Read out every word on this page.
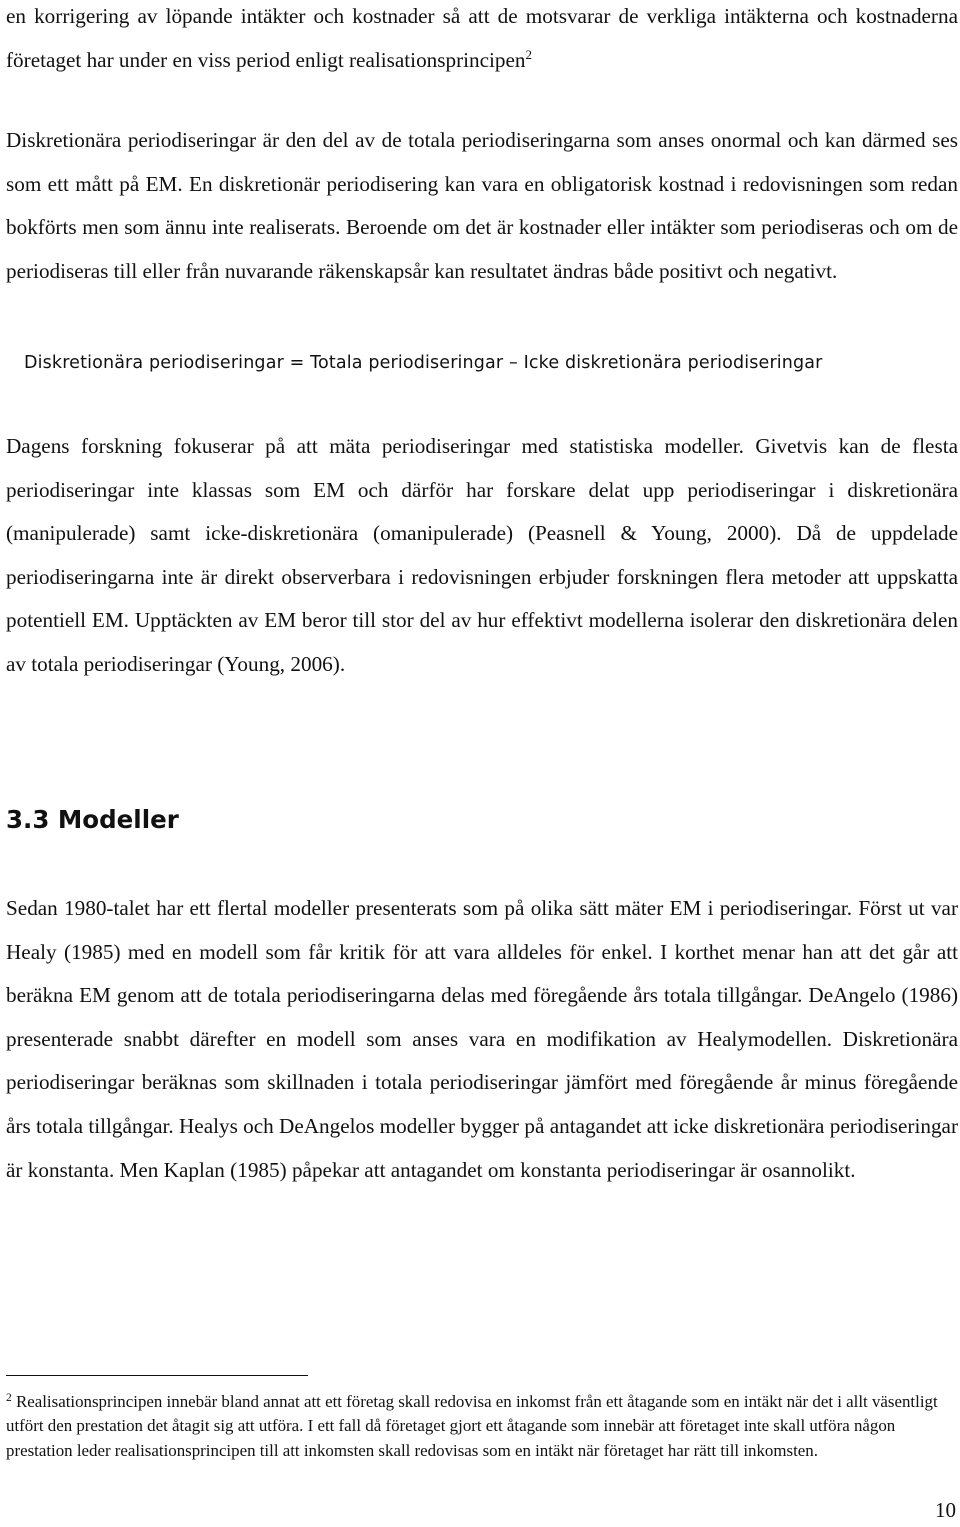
en korrigering av löpande intäkter och kostnader så att de motsvarar de verkliga intäkterna och kostnaderna företaget har under en viss period enligt realisationsprincipen$^2$

Diskretionära periodiseringar är den del av de totala periodiseringarna som anses onormal och kan därmed ses som ett mått på EM. En diskretionär periodisering kan vara en obligatorisk kostnad i redovisningen som redan bokförts men som ännu inte realiserats. Beroende om det är kostnader eller intäkter som periodiseras och om de periodiseras till eller från nuvarande räkenskapsår kan resultatet ändras både positivt och negativt.

Diskretionära periodiseringar = Totala periodiseringar – Icke diskretionära periodiseringar

Dagens forskning fokuserar på att mäta periodiseringar med statistiska modeller. Givetvis kan de flesta periodiseringar inte klassas som EM och därför har forskare delat upp periodiseringar i diskretionära (manipulerade) samt icke-diskretionära (omanipulerade) (Peasnell & Young, 2000). Då de uppdelade periodiseringarna inte är direkt observerbara i redovisningen erbjuder forskningen flera metoder att uppskatta potentiell EM. Upptäckten av EM beror till stor del av hur effektivt modellerna isolerar den diskretionära delen av totala periodiseringar (Young, 2006).

3.3 Modeller

Sedan 1980-talet har ett flertal modeller presenterats som på olika sätt mäter EM i periodiseringar. Först ut var Healy (1985) med en modell som får kritik för att vara alldeles för enkel. I korthet menar han att det går att beräkna EM genom att de totala periodiseringarna delas med föregående års totala tillgångar. DeAngelo (1986) presenterade snabbt därefter en modell som anses vara en modifikation av Healymodellen. Diskretionära periodiseringar beräknas som skillnaden i totala periodiseringar jämfört med föregående år minus föregående års totala tillgångar. Healys och DeAngelos modeller bygger på antagandet att icke diskretionära periodiseringar är konstanta. Men Kaplan (1985) påpekar att antagandet om konstanta periodiseringar är osannolikt.

$^2$ Realisationsprincipen innebär bland annat att ett företag skall redovisa en inkomst från ett åtagande som en intäkt när det i allt väsentligt utfört den prestation det åtagit sig att utföra. I ett fall då företaget gjort ett åtagande som innebär att företaget inte skall utföra någon prestation leder realisationsprincipen till att inkomsten skall redovisas som en intäkt när företaget har rätt till inkomsten.

10
